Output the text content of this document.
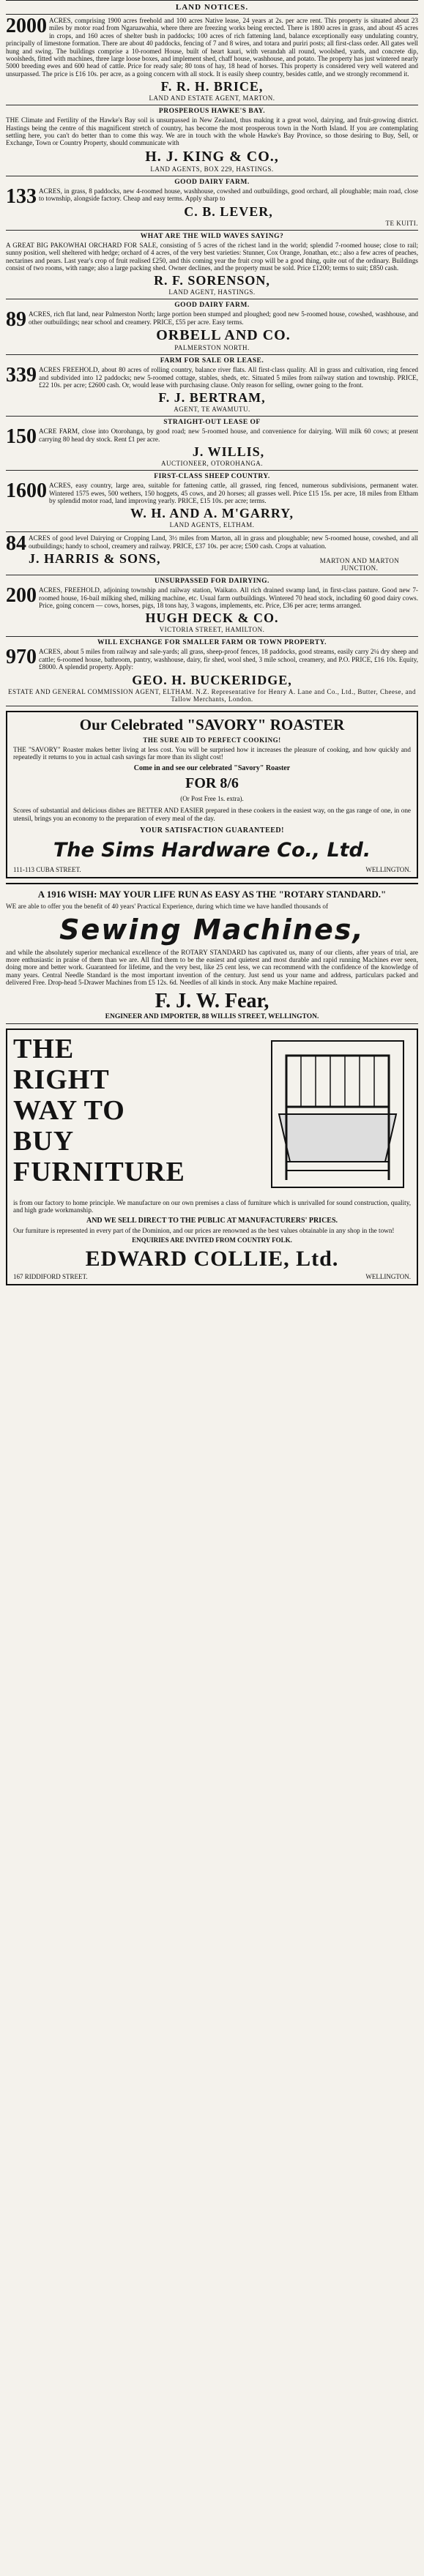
LAND NOTICES.
2000 ACRES, comprising 1900 acres freehold and 100 acres Native lease, 24 years at 2s. per acre rent. This property is situated about 23 miles by motor road from Ngaruawahia, where there are freezing works being erected. There is 1800 acres in grass, and about 45 acres in crops, and 160 acres of shelter bush in paddocks; 100 acres of rich fattening land, balance exceptionally easy undulating country, principally of limestone formation. There are about 40 paddocks, fencing of 7 and 8 wires, and totara and puriri posts; all first-class order. All gates well hung and swing. The buildings comprise a 10-roomed House, built of heart kauri, with verandah all round, woolshed, yards, and concrete dip, woolsheds, fitted with machines, three large loose boxes, and implement shed, chaff house, washhouse, and potato. The property has just wintered nearly 5000 breeding ewes and 600 head of cattle. Price for ready sale; 80 tons of hay, 18 head of horses. This property is considered very well watered and unsurpassed. The price is £16 10s. per acre, as a going concern with all stock. It is easily sheep country, besides cattle, and we strongly recommend it.
F. R. H. BRICE,
LAND AND ESTATE AGENT, MARTON.
PROSPEROUS HAWKE'S BAY.
THE Climate and Fertility of the Hawke's Bay soil is unsurpassed in New Zealand, thus making it a great wool, dairying, and fruit-growing district. Hastings being the centre of this magnificent stretch of country, has become the most prosperous town in the North Island. If you are contemplating settling here, you can't do better than to come this way. We are in touch with the whole Hawke's Bay Province, so those desiring to Buy, Sell, or Exchange, Town or Country Property, should communicate with
H. J. KING & CO.,
LAND AGENTS, BOX 229, HASTINGS.
GOOD DAIRY FARM.
133 ACRES, in grass, 8 paddocks, new 4-roomed house, washhouse, cowshed and outbuildings, good orchard, all ploughable; main road, close to township, alongside factory. Cheap and easy terms. Apply sharp to
C. B. LEVER,
TE KUITI.
WHAT ARE THE WILD WAVES SAYING?
A GREAT BIG PAKOWHAI ORCHARD FOR SALE, consisting of 5 acres of the richest land in the world; splendid 7-roomed house; close to rail; sunny position, well sheltered with hedge; orchard of 4 acres, of the very best varieties: Stunner, Cox Orange, Jonathan, etc.; also a few acres of peaches, nectarines and pears. Last year's crop of fruit realised £250, and this coming year the fruit crop will be a good thing, quite out of the ordinary. Buildings consist of two rooms, with range; also a large packing shed. Owner declines, and the property must be sold. Price £1200; terms to suit; £850 cash.
R. F. SORENSON,
LAND AGENT, HASTINGS.
GOOD DAIRY FARM.
89 ACRES, rich flat land, near Palmerston North; large portion been stumped and ploughed; good new 5-roomed house, cowshed, washhouse, and other outbuildings; near school and creamery. PRICE, £55 per acre. Easy terms.
ORBELL AND CO.
PALMERSTON NORTH.
FARM FOR SALE OR LEASE.
339 ACRES FREEHOLD, about 80 acres of rolling country, balance river flats. All first-class quality. All in grass and cultivation, ring fenced and subdivided into 12 paddocks; new 5-roomed cottage, stables, sheds, etc. Situated 5 miles from railway station and township. PRICE, £22 10s. per acre; £2600 cash. Or, would lease with purchasing clause. Only reason for selling, owner going to the front.
F. J. BERTRAM,
AGENT, TE AWAMUTU.
STRAIGHT-OUT LEASE OF
150 ACRE FARM, close into Otorohanga, by good road; new 5-roomed house, and convenience for dairying. Will milk 60 cows; at present carrying 80 head dry stock. Rent £1 per acre.
J. WILLIS,
AUCTIONEER, OTOROHANGA.
FIRST-CLASS SHEEP COUNTRY.
1600 ACRES, easy country, large area, suitable for fattening cattle, all grassed, ring fenced, numerous subdivisions, permanent water. Wintered 1575 ewes, 500 wethers, 150 hoggets, 45 cows, and 20 horses; all grasses well. Price £15 15s. per acre, 18 miles from Eltham by splendid motor road, land improving yearly. PRICE, £15 10s. per acre; terms.
W. H. AND A. M'GARRY,
LAND AGENTS, ELTHAM.
84 ACRES of good level Dairying or Cropping Land, 3½ miles from Marton, all in grass and ploughable; new 5-roomed house, cowshed, and all outbuildings; handy to school, creamery and railway. PRICE, £37 10s. per acre; £500 cash. Crops at valuation.
J. HARRIS & SONS,	MARTON AND MARTON JUNCTION.
UNSURPASSED FOR DAIRYING.
200 ACRES, FREEHOLD, adjoining township and railway station, Waikato. All rich drained swamp land, in first-class pasture. Good new 7-roomed house, 16-bail milking shed, milking machine, etc. Usual farm outbuildings. Wintered 70 head stock, including 60 good dairy cows. Price, going concern — cows, horses, pigs, 18 tons hay, 3 wagons, implements, etc. Price, £36 per acre; terms arranged.
HUGH DECK & CO.
VICTORIA STREET, HAMILTON.
WILL EXCHANGE FOR SMALLER FARM OR TOWN PROPERTY.
970 ACRES, about 5 miles from railway and sale-yards; all grass, sheep-proof fences, 18 paddocks, good streams, easily carry 2¼ dry sheep and cattle; 6-roomed house, bathroom, pantry, washhouse, dairy, fir shed, wool shed, 3 mile school, creamery, and P.O. PRICE, £16 10s. Equity, £8000. A splendid property. Apply:
GEO. H. BUCKERIDGE,
ESTATE AND GENERAL COMMISSION AGENT, ELTHAM. N.Z. Representative for Henry A. Lane and Co., Ltd., Butter, Cheese, and Tallow Merchants, London.
Our Celebrated "SAVORY" ROASTER
THE SURE AID TO PERFECT COOKING!
THE "SAVORY" Roaster makes better living at less cost. You will be surprised how it increases the pleasure of cooking, and how quickly and repeatedly it returns to you in actual cash savings far more than its slight cost!
Come in and see our celebrated "Savory" Roaster
FOR 8/6
(Or Post Free 1s. extra).
Scores of substantial and delicious dishes are BETTER AND EASIER prepared in these cookers in the easiest way, on the gas range of one, in one utensil, brings you an economy to the preparation of every meal of the day.
YOUR SATISFACTION GUARANTEED!
The Sims Hardware Co., Ltd.
111-113 CUBA STREET.	WELLINGTON.
A 1916 WISH: MAY YOUR LIFE RUN AS EASY AS THE "ROTARY STANDARD."
WE are able to offer you the benefit of 40 years' Practical Experience, during which time we have handled thousands of
Sewing Machines,
and while the absolutely superior mechanical excellence of the ROTARY STANDARD has captivated us, many of our clients, after years of trial, are more enthusiastic in praise of them than we are. All find them to be the easiest and quietest and most durable and rapid running Machines ever seen, doing more and better work. Guaranteed for lifetime, and the very best, like 25 cent less, we can recommend with the confidence of the knowledge of many years. Central Needle Standard is the most important invention of the century. Just send us your name and address, particulars packed and delivered Free. Drop-head 5-Drawer Machines from £5 12s. 6d. Needles of all kinds in stock. Any make Machine repaired.
F. J. W. Fear,
ENGINEER AND IMPORTER, 88 WILLIS STREET, WELLINGTON.
THE
RIGHT
WAY TO
BUY
FURNITURE
is from our factory to home principle. We manufacture on our own premises a class of furniture which is unrivalled for sound construction, quality, and high grade workmanship.
AND WE SELL DIRECT TO THE PUBLIC AT MANUFACTURERS' PRICES.
Our furniture is represented in every part of the Dominion, and our prices are renowned as the best values obtainable in any shop in the town!
ENQUIRIES ARE INVITED FROM COUNTRY FOLK.
EDWARD COLLIE, Ltd.
167 RIDDIFORD STREET.	WELLINGTON.
